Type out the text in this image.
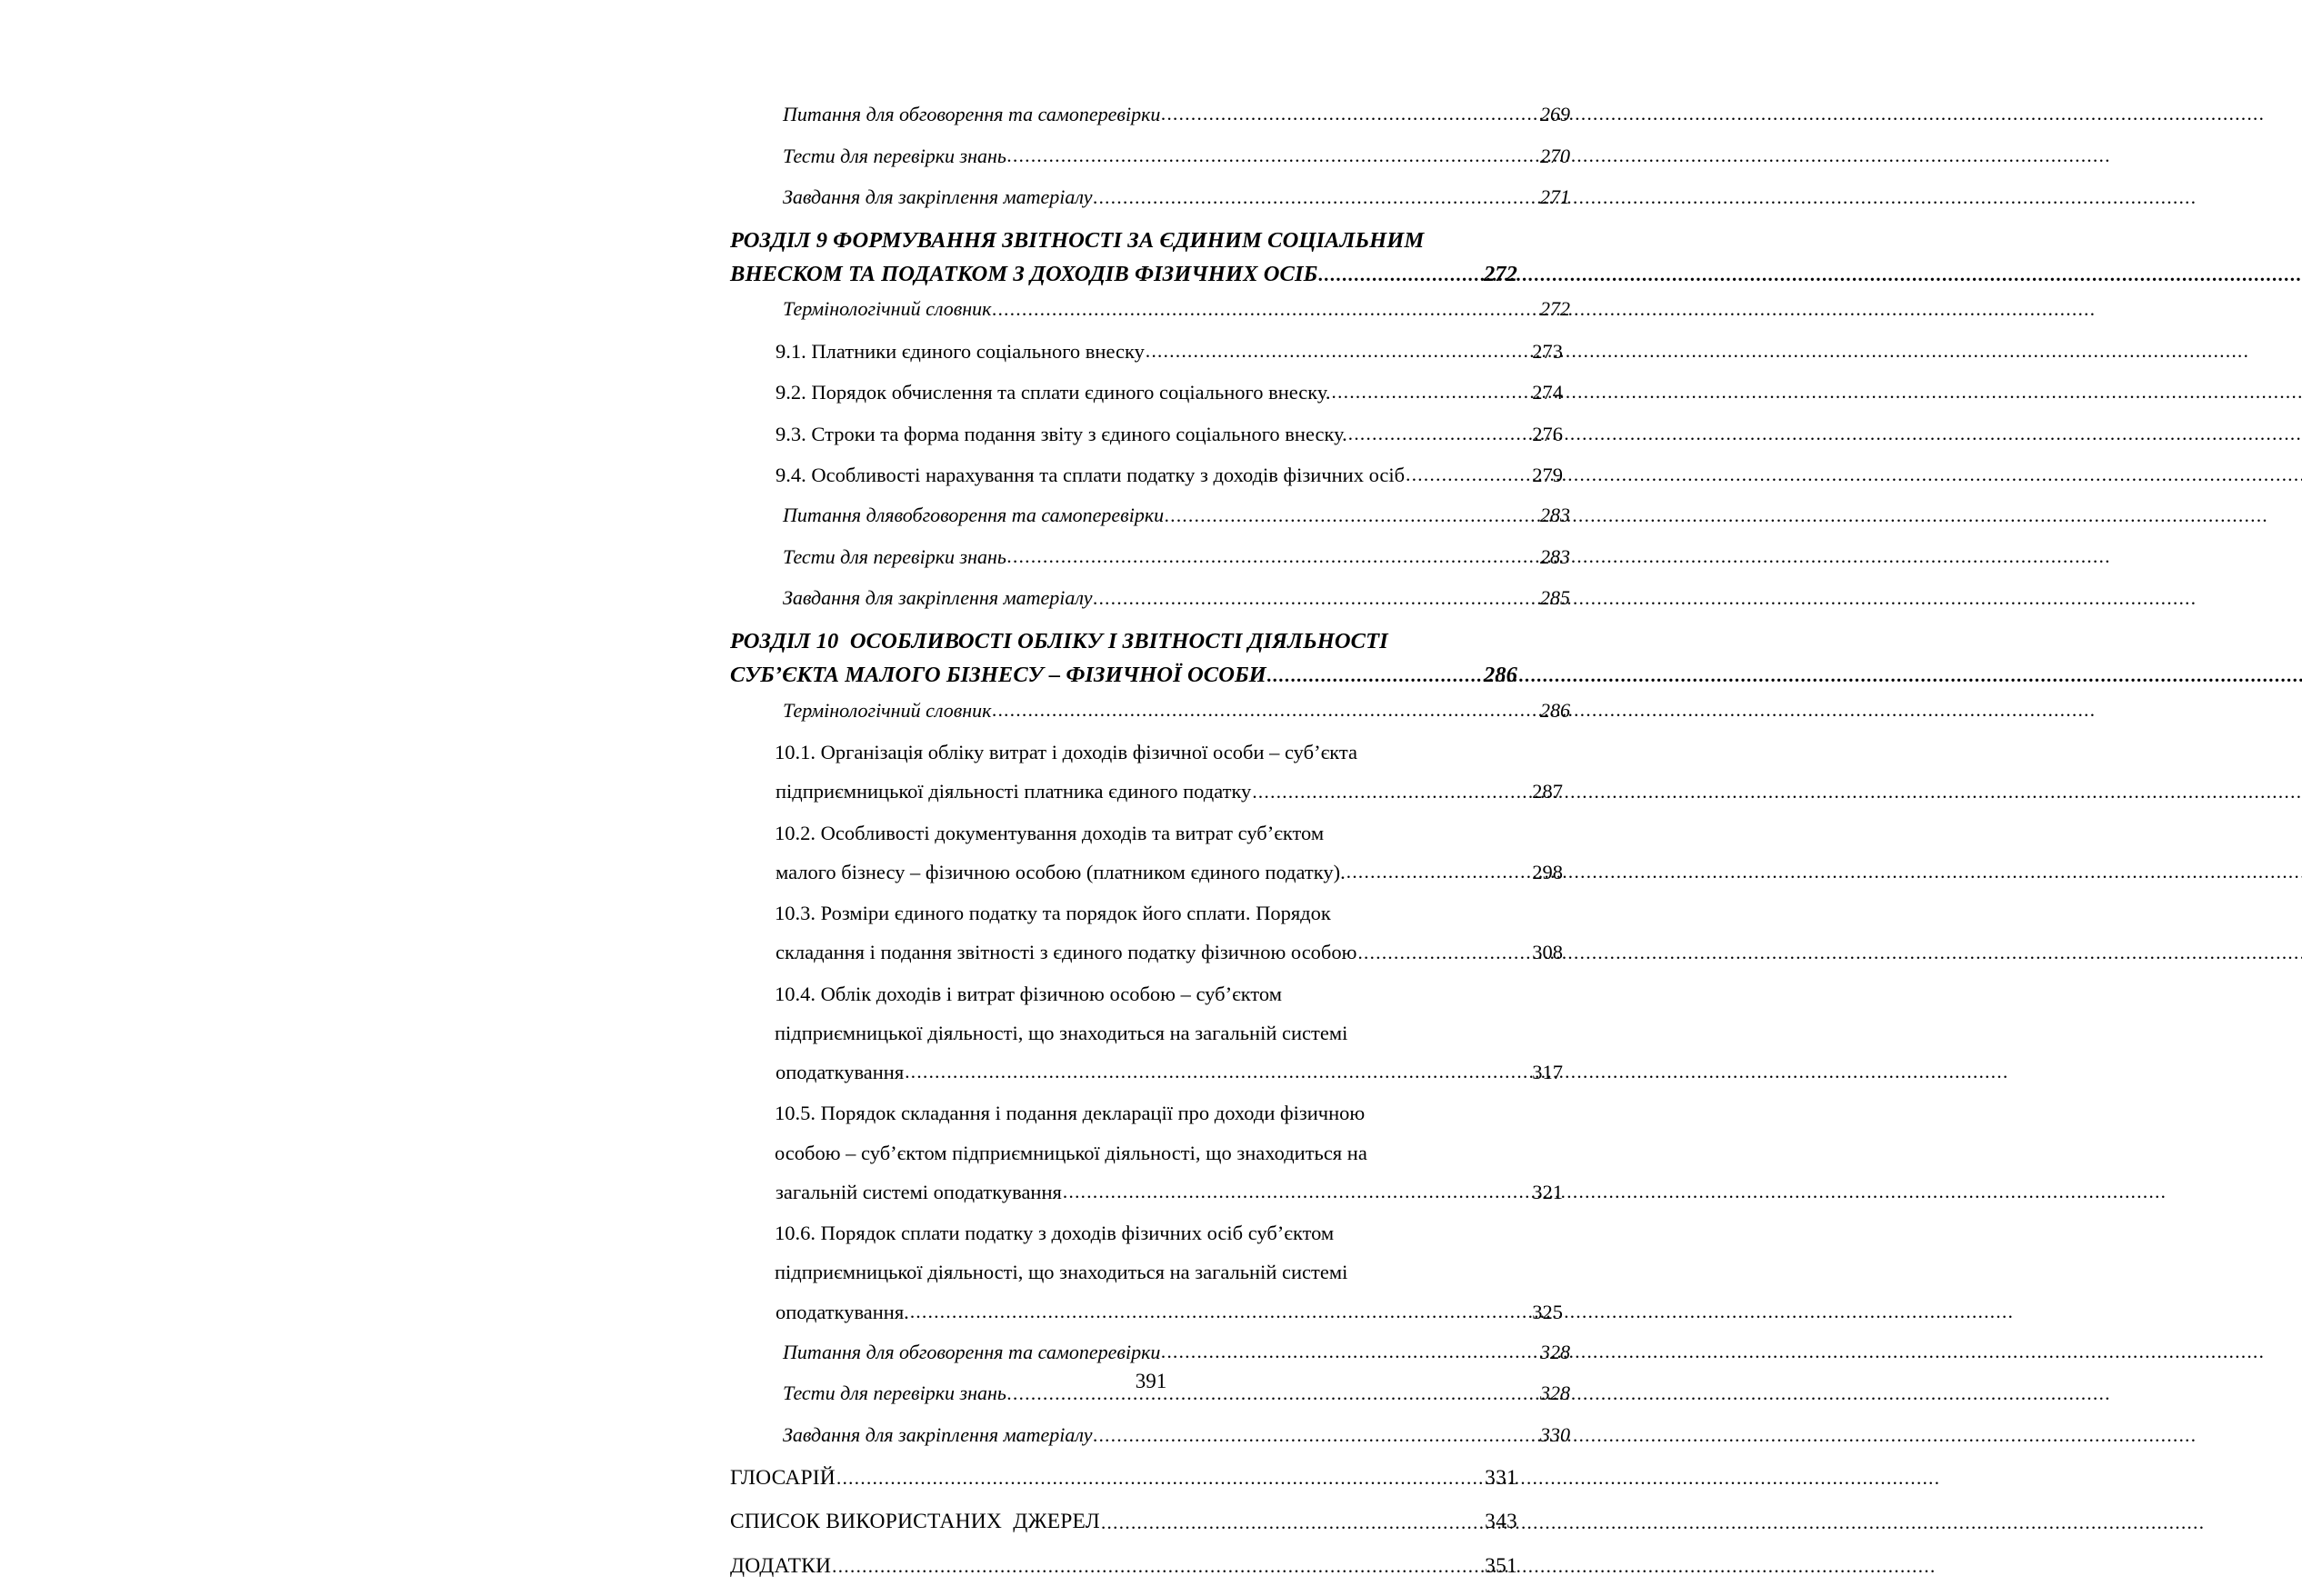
Питання для обговорення та самоперевірки .....	269
Тести для перевірки знань .....	270
Завдання для закріплення матеріалу .....	271
РОЗДІЛ 9 ФОРМУВАННЯ ЗВІТНОСТІ ЗА ЄДИНИМ СОЦІАЛЬНИМ
ВНЕСКОМ ТА ПОДАТКОМ З ДОХОДІВ ФІЗИЧНИХ ОСІБ .....	272
Термінологічний словник .....	272
9.1. Платники єдиного соціального внеску .....	273
9.2. Порядок обчислення та сплати єдиного соціального внеску. .....	274
9.3. Строки та форма подання звіту з єдиного соціального внеску. .....	276
9.4. Особливості нарахування та сплати податку з доходів фізичних осіб .....	279
Питання длявобговорення та самоперевірки .....	283
Тести для перевірки знань .....	283
Завдання для закріплення матеріалу .....	285
РОЗДІЛ 10  ОСОБЛИВОСТІ ОБЛІКУ І ЗВІТНОСТІ ДІЯЛЬНОСТІ
СУБ’ЄКТА МАЛОГО БІЗНЕСУ – ФІЗИЧНОЇ ОСОБИ .....	286
Термінологічний словник .....	286
10.1. Організація обліку витрат і доходів фізичної особи – суб’єкта
підприємницької діяльності платника єдиного податку .....	287
10.2. Особливості документування доходів та витрат суб’єктом
малого бізнесу – фізичною особою (платником єдиного податку). .....	298
10.3. Розміри єдиного податку та порядок його сплати. Порядок
складання і подання звітності з єдиного податку фізичною особою .....	308
10.4. Облік доходів і витрат фізичною особою – суб’єктом
підприємницької діяльності, що знаходиться на загальній системі
оподаткування .....	317
10.5. Порядок складання і подання декларації про доходи фізичною
особою – суб’єктом підприємницької діяльності, що знаходиться на
загальній системі оподаткування .....	321
10.6. Порядок сплати податку з доходів фізичних осіб суб’єктом
підприємницької діяльності, що знаходиться на загальній системі
оподаткування. .....	325
Питання для обговорення та самоперевірки .....	328
Тести для перевірки знань .....	328
Завдання для закріплення матеріалу .....	330
ГЛОСАРІЙ .....	331
СПИСОК ВИКОРИСТАНИХ  ДЖЕРЕЛ .....	343
ДОДАТКИ .....	351
391
